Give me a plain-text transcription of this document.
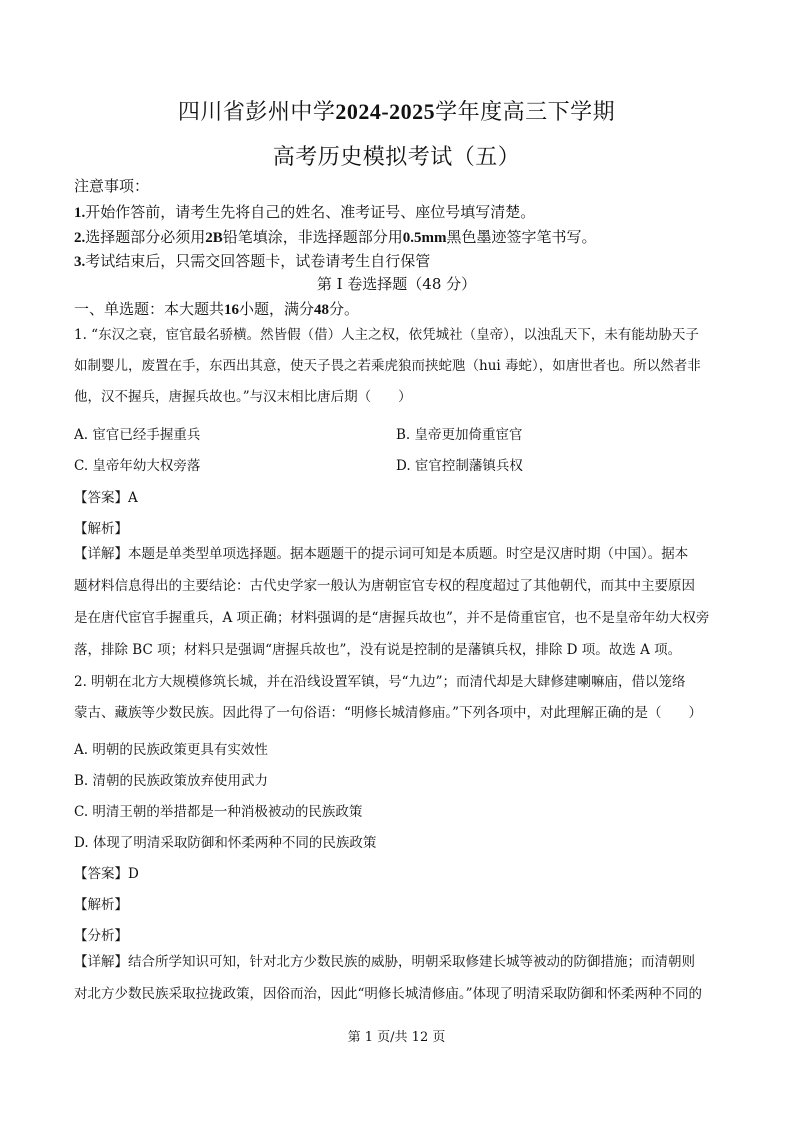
四川省彭州中学2024-2025学年度高三下学期
高考历史模拟考试（五）
注意事项：
1.开始作答前，请考生先将自己的姓名、准考证号、座位号填写清楚。
2.选择题部分必须用2B铅笔填涂，非选择题部分用0.5mm黑色墨迹签字笔书写。
3.考试结束后，只需交回答题卡，试卷请考生自行保管
第 I 卷选择题（48 分）
一、单选题：本大题共16小题，满分48分。
1. “东汉之衰，宦官最名骄横。然皆假（借）人主之权，依凭城社（皇帝），以浊乱天下，未有能劫胁天子
如制婴儿，废置在手，东西出其意，使天子畏之若乘虎狼而挟蛇虺（hui 毒蛇），如唐世者也。所以然者非
他，汉不握兵，唐握兵故也。”与汉末相比唐后期（　　）
A. 宦官已经手握重兵	B. 皇帝更加倚重宦官
C. 皇帝年幼大权旁落	D. 宦官控制藩镇兵权
【答案】A
【解析】
【详解】本题是单类型单项选择题。据本题题干的提示词可知是本质题。时空是汉唐时期（中国）。据本
题材料信息得出的主要结论：古代史学家一般认为唐朝宦官专权的程度超过了其他朝代，而其中主要原因
是在唐代宦官手握重兵，A 项正确；材料强调的是“唐握兵故也”，并不是倚重宦官，也不是皇帝年幼大权旁
落，排除 BC 项；材料只是强调“唐握兵故也”，没有说是控制的是藩镇兵权，排除 D 项。故选 A 项。
2. 明朝在北方大规模修筑长城，并在沿线设置军镇，号“九边”；而清代却是大肆修建喇嘛庙，借以笼络
蒙古、藏族等少数民族。因此得了一句俗语：“明修长城清修庙。”下列各项中，对此理解正确的是（　　）
A. 明朝的民族政策更具有实效性
B. 清朝的民族政策放弃使用武力
C. 明清王朝的举措都是一种消极被动的民族政策
D. 体现了明清采取防御和怀柔两种不同的民族政策
【答案】D
【解析】
【分析】
【详解】结合所学知识可知，针对北方少数民族的威胁，明朝采取修建长城等被动的防御措施；而清朝则
对北方少数民族采取拉拢政策，因俗而治，因此“明修长城清修庙。”体现了明清采取防御和怀柔两种不同的
第 1 页/共 12 页
